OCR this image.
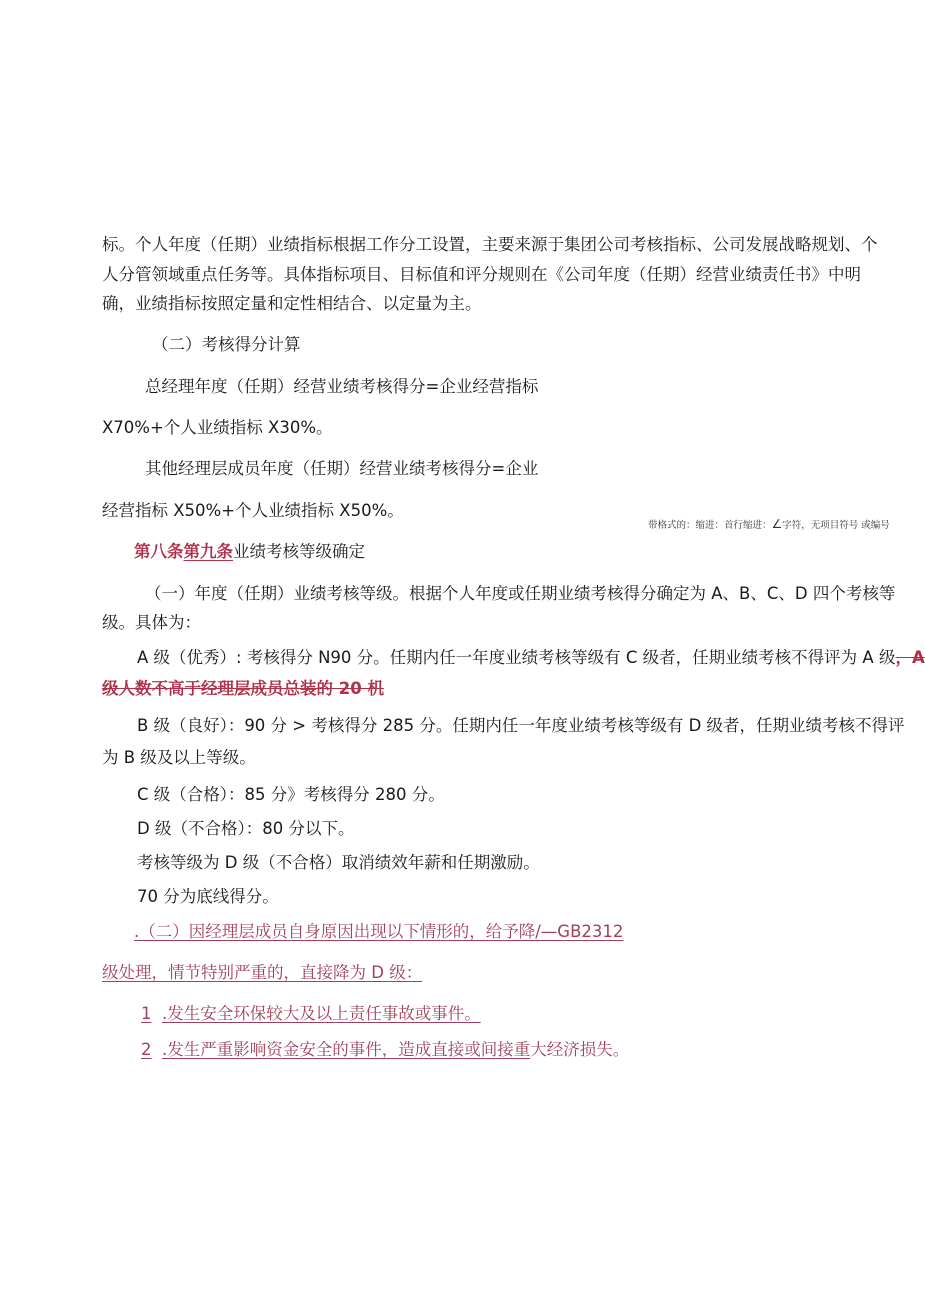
标。个人年度（任期）业绩指标根据工作分工设置，主要来源于集团公司考核指标、公司发展战略规划、个
人分管领域重点任务等。具体指标项目、目标值和评分规则在《公司年度（任期）经营业绩责任书》中明
确，业绩指标按照定量和定性相结合、以定量为主。
（二）考核得分计算
总经理年度（任期）经营业绩考核得分=企业经营指标
X70%+个人业绩指标 X30%。
其他经理层成员年度（任期）经营业绩考核得分=企业
经营指标 X50%+个人业绩指标 X50%。
带格式的：缩进：首行缩进：∠字符，无项目符号 或编号
第八条第九条业绩考核等级确定
（一）年度（任期）业绩考核等级。根据个人年度或任期业绩考核得分确定为 A、B、C、D 四个考核等
级。具体为：
A 级（优秀）: 考核得分 N90 分。任期内任一年度业绩考核等级有 C 级者，任期业绩考核不得评为 A 级，A
级人数不高于经理层成员总装的 20 机
B 级（良好）：90 分 > 考核得分 285 分。任期内任一年度业绩考核等级有 D 级者，任期业绩考核不得评
为 B 级及以上等级。
C 级（合格）：85 分》考核得分 280 分。
D 级（不合格）：80 分以下。
考核等级为 D 级（不合格）取消绩效年薪和任期激励。
70 分为底线得分。
.（二）因经理层成员自身原因出现以下情形的，给予降/—GB2312
级处理，情节特别严重的，直接降为 D 级：
1 .发生安全环保较大及以上责任事故或事件。
2 .发生严重影响资金安全的事件，造成直接或间接重大经济损失。
